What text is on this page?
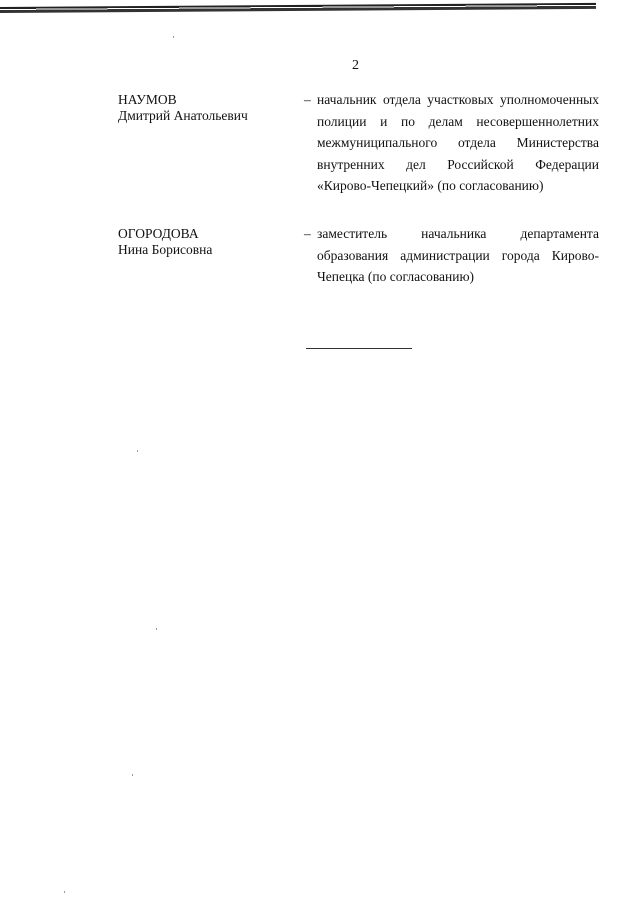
2
НАУМОВ
Дмитрий Анатольевич
– начальник отдела участковых уполномоченных полиции и по делам несовершеннолетних межмуниципального отдела Министерства внутренних дел Российской Федерации «Кирово-Чепецкий» (по согласованию)
ОГОРОДОВА
Нина Борисовна
– заместитель начальника департамента образования администрации города Кирово-Чепецка (по согласованию)
